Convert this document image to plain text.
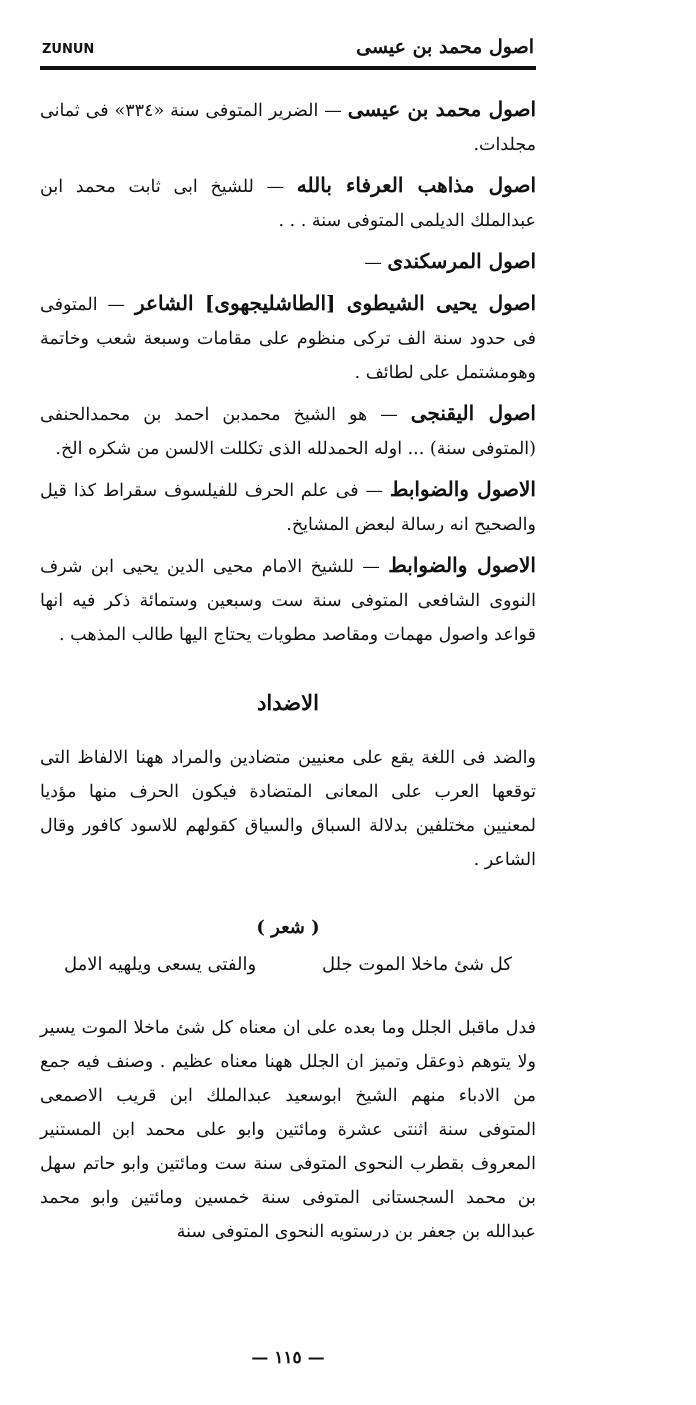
ZUNUN	اصول محمد بن عيسى

اصول محمد بن عيسى — الضرير المتوفى سنة «٣٣٤» فى ثمانى مجلدات.

اصول مذاهب العرفاء بالله — للشيخ ابى ثابت محمد ابن عبدالملك الديلمى المتوفى سنة . . .

اصول المرسكندى —

اصول يحيى الشيطوى [الطاشليجهوى] الشاعر — المتوفى فى حدود سنة الف تركى منظوم على مقامات وسبعة شعب وخاتمة وهومشتمل على لطائف .

اصول اليقنجى — هو الشيخ محمدبن احمد بن محمدالحنفى (المتوفى سنة) ... اوله الحمدلله الذى تكللت الالسن من شكره الخ.

الاصول والضوابط — فى علم الحرف للفيلسوف سقراط كذا قيل والصحيح انه رسالة لبعض المشايخ.

الاصول والضوابط — للشيخ الامام محيى الدين يحيى ابن شرف النووى الشافعى المتوفى سنة ست وسبعين وستمائة ذكر فيه انها قواعد واصول مهمات ومقاصد مطويات يحتاج اليها طالب المذهب .

الاضداد

والضد فى اللغة يقع على معنيين متضادين والمراد ههنا الالفاظ التى توقعها العرب على المعانى المتضادة فيكون الحرف منها مؤديا لمعنيين مختلفين بدلالة السباق والسياق كقولهم للاسود كافور وقال الشاعر .

( شعر )
كل شئ ماخلا الموت جلل
والفتى يسعى ويلهيه الامل

فدل ماقبل الجلل وما بعده على ان معناه كل شئ ماخلا الموت يسير ولا يتوهم ذوعقل وتميز ان الجلل ههنا معناه عظيم . وصنف فيه جمع من الادباء منهم الشيخ ابوسعيد عبدالملك ابن قريب الاصمعى المتوفى سنة اثنتى عشرة ومائتين وابو على محمد ابن المستنير المعروف بقطرب النحوى المتوفى سنة ست ومائتين وابو حاتم سهل بن محمد السجستانى المتوفى سنة خمسين ومائتين وابو محمد عبدالله بن جعفر بن درستويه النحوى المتوفى سنة

— ١١٥ —
